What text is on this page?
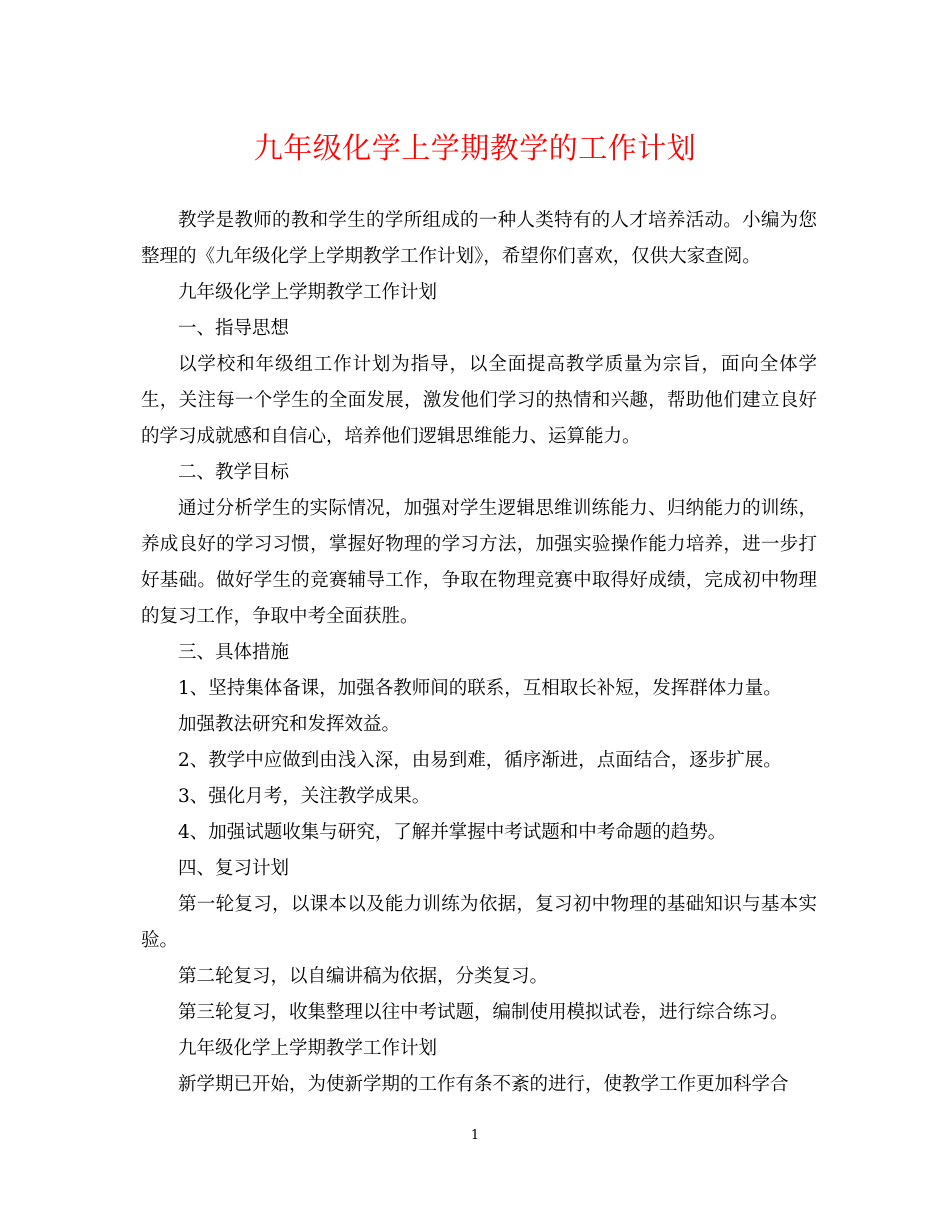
九年级化学上学期教学的工作计划

教学是教师的教和学生的学所组成的一种人类特有的人才培养活动。小编为您整理的《九年级化学上学期教学工作计划》，希望你们喜欢，仅供大家查阅。

九年级化学上学期教学工作计划

一、指导思想

以学校和年级组工作计划为指导，以全面提高教学质量为宗旨，面向全体学生，关注每一个学生的全面发展，激发他们学习的热情和兴趣，帮助他们建立良好的学习成就感和自信心，培养他们逻辑思维能力、运算能力。

二、教学目标

通过分析学生的实际情况，加强对学生逻辑思维训练能力、归纳能力的训练，养成良好的学习习惯，掌握好物理的学习方法，加强实验操作能力培养，进一步打好基础。做好学生的竞赛辅导工作，争取在物理竞赛中取得好成绩，完成初中物理的复习工作，争取中考全面获胜。

三、具体措施

1、坚持集体备课，加强各教师间的联系，互相取长补短，发挥群体力量。

加强教法研究和发挥效益。

2、教学中应做到由浅入深，由易到难，循序渐进，点面结合，逐步扩展。

3、强化月考，关注教学成果。

4、加强试题收集与研究，了解并掌握中考试题和中考命题的趋势。

四、复习计划

第一轮复习，以课本以及能力训练为依据，复习初中物理的基础知识与基本实验。

第二轮复习，以自编讲稿为依据，分类复习。

第三轮复习，收集整理以往中考试题，编制使用模拟试卷，进行综合练习。

九年级化学上学期教学工作计划

新学期已开始，为使新学期的工作有条不紊的进行，使教学工作更加科学合

1
